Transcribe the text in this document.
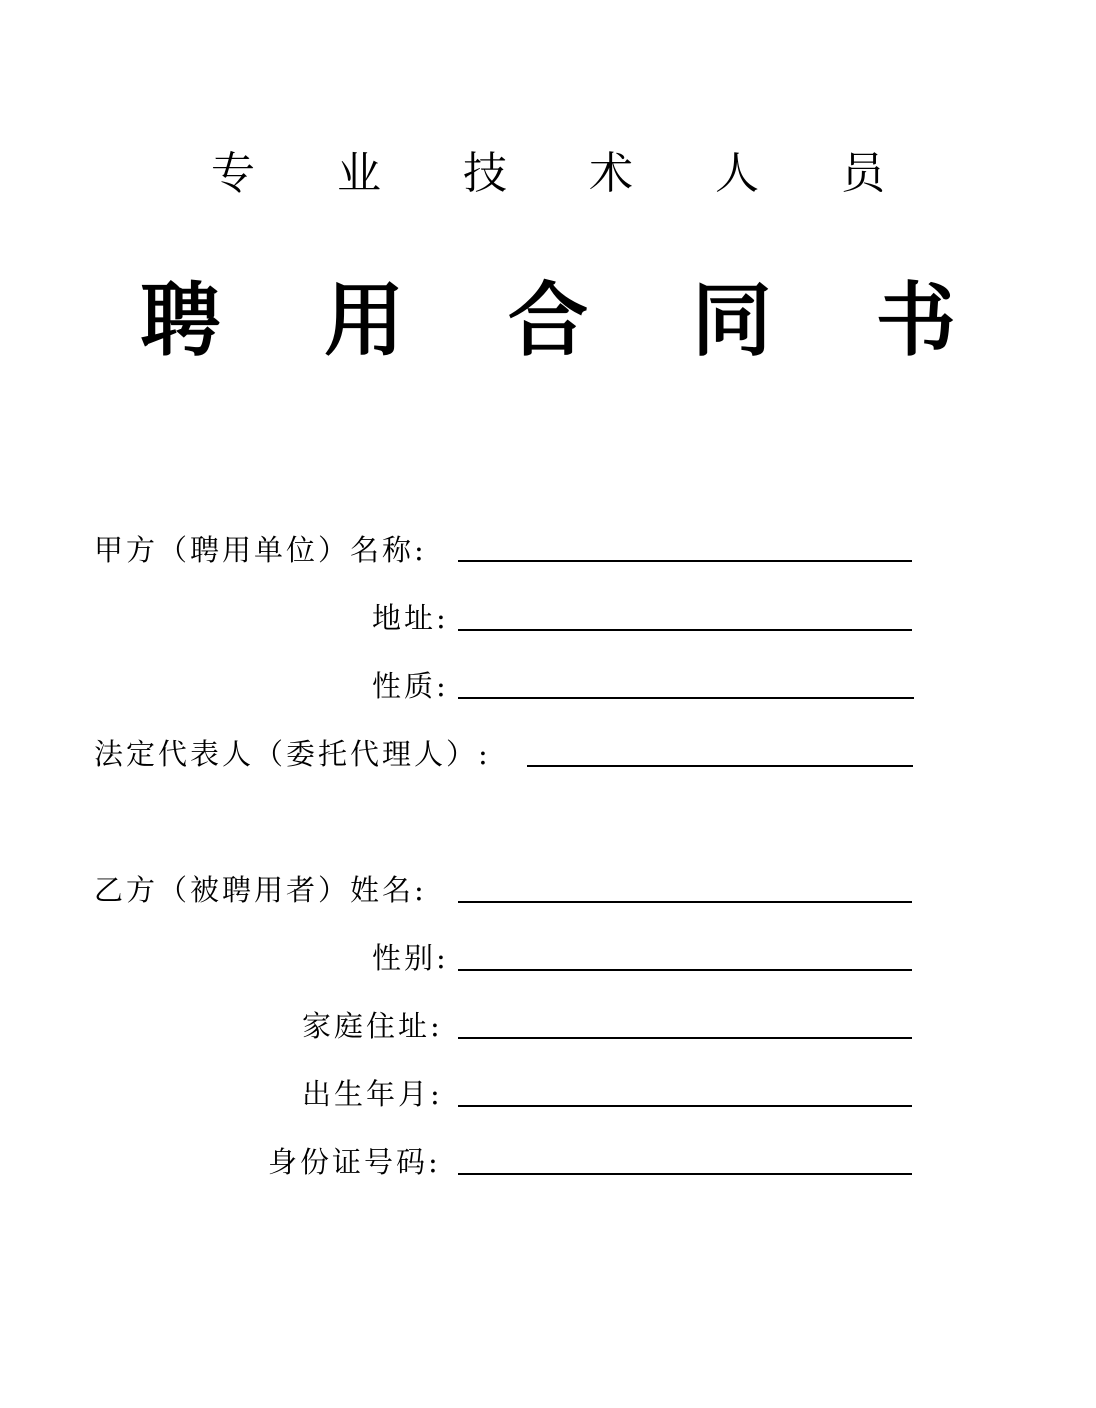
专 业 技 术 人 员
聘 用 合 同 书
甲方（聘用单位）名称:
地址:
性质:
法定代表人（委托代理人）:
乙方（被聘用者）姓名:
性别:
家庭住址:
出生年月:
身份证号码:
